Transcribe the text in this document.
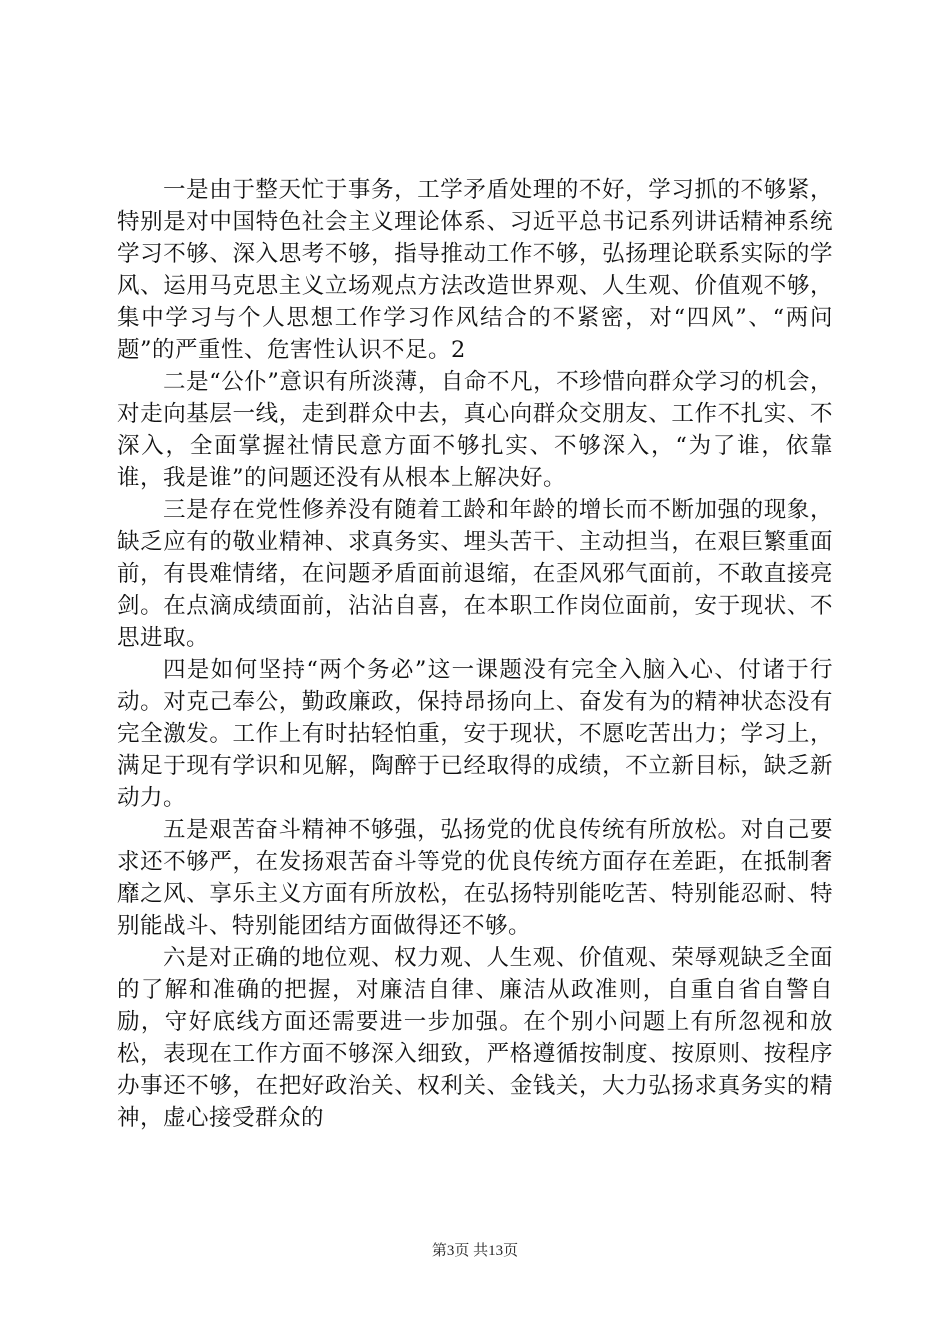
一是由于整天忙于事务，工学矛盾处理的不好，学习抓的不够紧，特别是对中国特色社会主义理论体系、习近平总书记系列讲话精神系统学习不够、深入思考不够，指导推动工作不够，弘扬理论联系实际的学风、运用马克思主义立场观点方法改造世界观、人生观、价值观不够，集中学习与个人思想工作学习作风结合的不紧密，对“四风”、“两问题”的严重性、危害性认识不足。2

二是“公仆”意识有所淡薄，自命不凡，不珍惜向群众学习的机会，对走向基层一线，走到群众中去，真心向群众交朋友、工作不扎实、不深入，全面掌握社情民意方面不够扎实、不够深入，“为了谁，依靠谁，我是谁”的问题还没有从根本上解决好。

三是存在党性修养没有随着工龄和年龄的增长而不断加强的现象，缺乏应有的敬业精神、求真务实、埋头苦干、主动担当，在艰巨繁重面前，有畏难情绪，在问题矛盾面前退缩，在歪风邪气面前，不敢直接亮剑。在点滴成绩面前，沾沾自喜，在本职工作岗位面前，安于现状、不思进取。

四是如何坚持“两个务必”这一课题没有完全入脑入心、付诸于行动。对克己奉公，勤政廉政，保持昂扬向上、奋发有为的精神状态没有完全激发。工作上有时拈轻怕重，安于现状，不愿吃苦出力；学习上，满足于现有学识和见解，陶醉于已经取得的成绩，不立新目标，缺乏新动力。

五是艰苦奋斗精神不够强，弘扬党的优良传统有所放松。对自己要求还不够严，在发扬艰苦奋斗等党的优良传统方面存在差距，在抵制奢靡之风、享乐主义方面有所放松，在弘扬特别能吃苦、特别能忍耐、特别能战斗、特别能团结方面做得还不够。

六是对正确的地位观、权力观、人生观、价值观、荣辱观缺乏全面的了解和准确的把握，对廉洁自律、廉洁从政准则，自重自省自警自励，守好底线方面还需要进一步加强。在个别小问题上有所忽视和放松，表现在工作方面不够深入细致，严格遵循按制度、按原则、按程序办事还不够，在把好政治关、权利关、金钱关，大力弘扬求真务实的精神，虚心接受群众的

第3页 共13页
